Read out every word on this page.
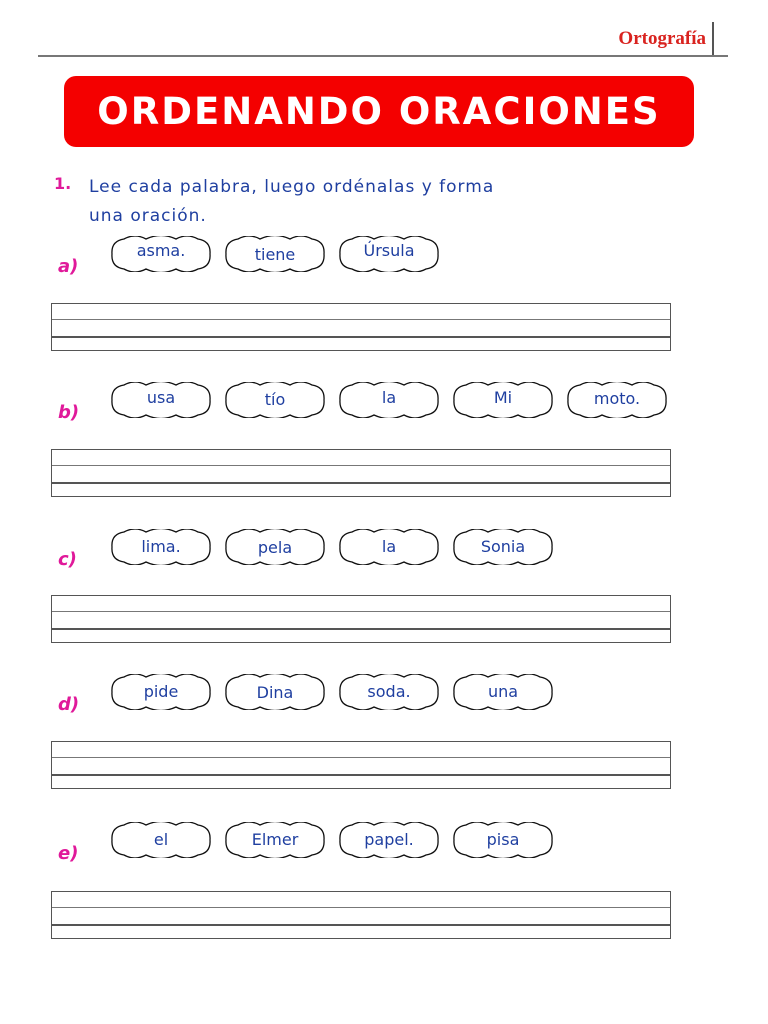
Ortografía
ORDENANDO ORACIONES
1. Lee cada palabra, luego ordénalas y forma
una oración.
a)
asma.	tiene	Úrsula
b)
usa	tío	la	Mi	moto.
c)
lima.	pela	la	Sonia
d)
pide	Dina	soda.	una
e)
el	Elmer	papel.	pisa
